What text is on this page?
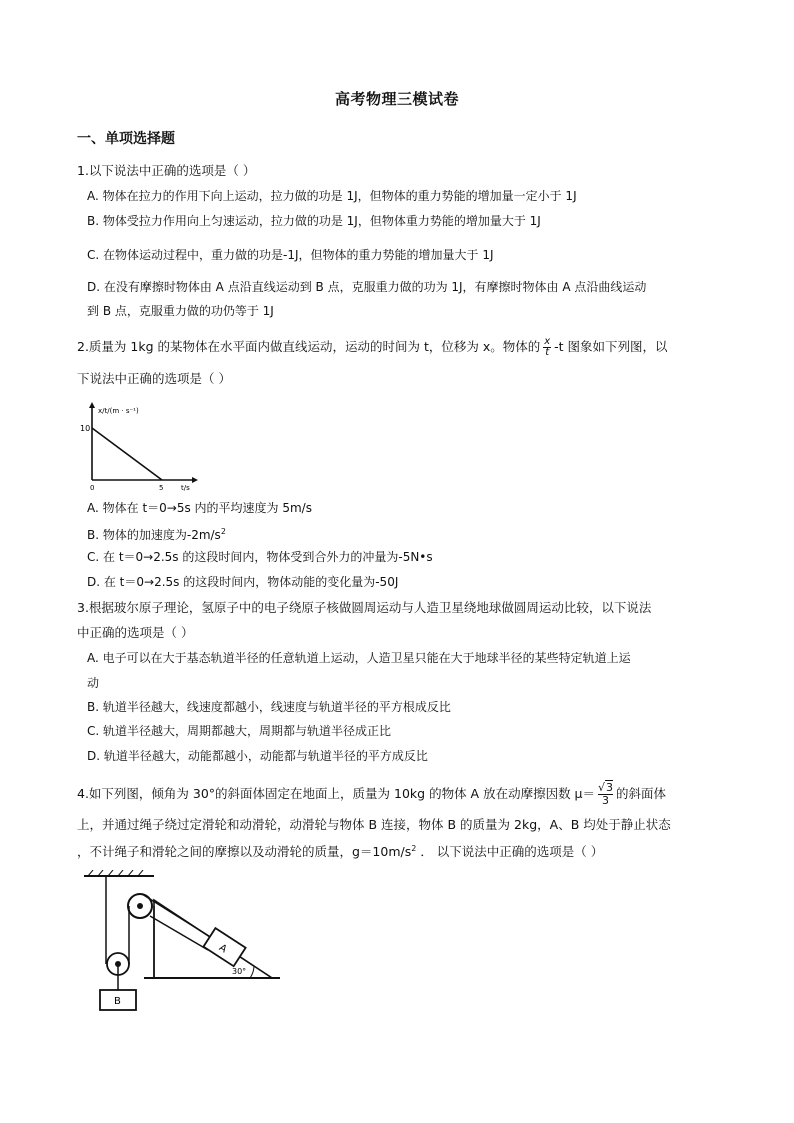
高考物理三模试卷
一、单项选择题
1.以下说法中正确的选项是（ ）
A. 物体在拉力的作用下向上运动，拉力做的功是 1J，但物体的重力势能的增加量一定小于 1J
B. 物体受拉力作用向上匀速运动，拉力做的功是 1J，但物体重力势能的增加量大于 1J
C. 在物体运动过程中，重力做的功是-1J，但物体的重力势能的增加量大于 1J
D. 在没有摩擦时物体由 A 点沿直线运动到 B 点，克服重力做的功为 1J，有摩擦时物体由 A 点沿曲线运动
到 B 点，克服重力做的功仍等于 1J
2.质量为 1kg 的某物体在水平面内做直线运动，运动的时间为 t，位移为 x。物体的 $\frac{x}{t} -t$ 图象如下列图，以
下说法中正确的选项是（ ）
x/t/(m · s⁻¹)
10
0	5	t/s
A. 物体在 t＝0→5s 内的平均速度为 5m/s
B. 物体的加速度为$-2m/s^2$
C. 在 t＝0→2.5s 的这段时间内，物体受到合外力的冲量为-5N•s
D. 在 t＝0→2.5s 的这段时间内，物体动能的变化量为-50J
3.根据玻尔原子理论，氢原子中的电子绕原子核做圆周运动与人造卫星绕地球做圆周运动比较，以下说法
中正确的选项是（ ）
A. 电子可以在大于基态轨道半径的任意轨道上运动，人造卫星只能在大于地球半径的某些特定轨道上运
动
B. 轨道半径越大，线速度都越小，线速度与轨道半径的平方根成反比
C. 轨道半径越大，周期都越大，周期都与轨道半径成正比
D. 轨道半径越大，动能都越小，动能都与轨道半径的平方成反比
4.如下列图，倾角为 30°的斜面体固定在地面上，质量为 10kg 的物体 A 放在动摩擦因数 $\mu= \frac{√3}{3}$ 的斜面体
上，并通过绳子绕过定滑轮和动滑轮，动滑轮与物体 B 连接，物体 B 的质量为 2kg，A、B 均处于静止状态
，不计绳子和滑轮之间的摩擦以及动滑轮的质量，$g=10m/s^2$ ． 以下说法中正确的选项是（ ）
B
A
30°
